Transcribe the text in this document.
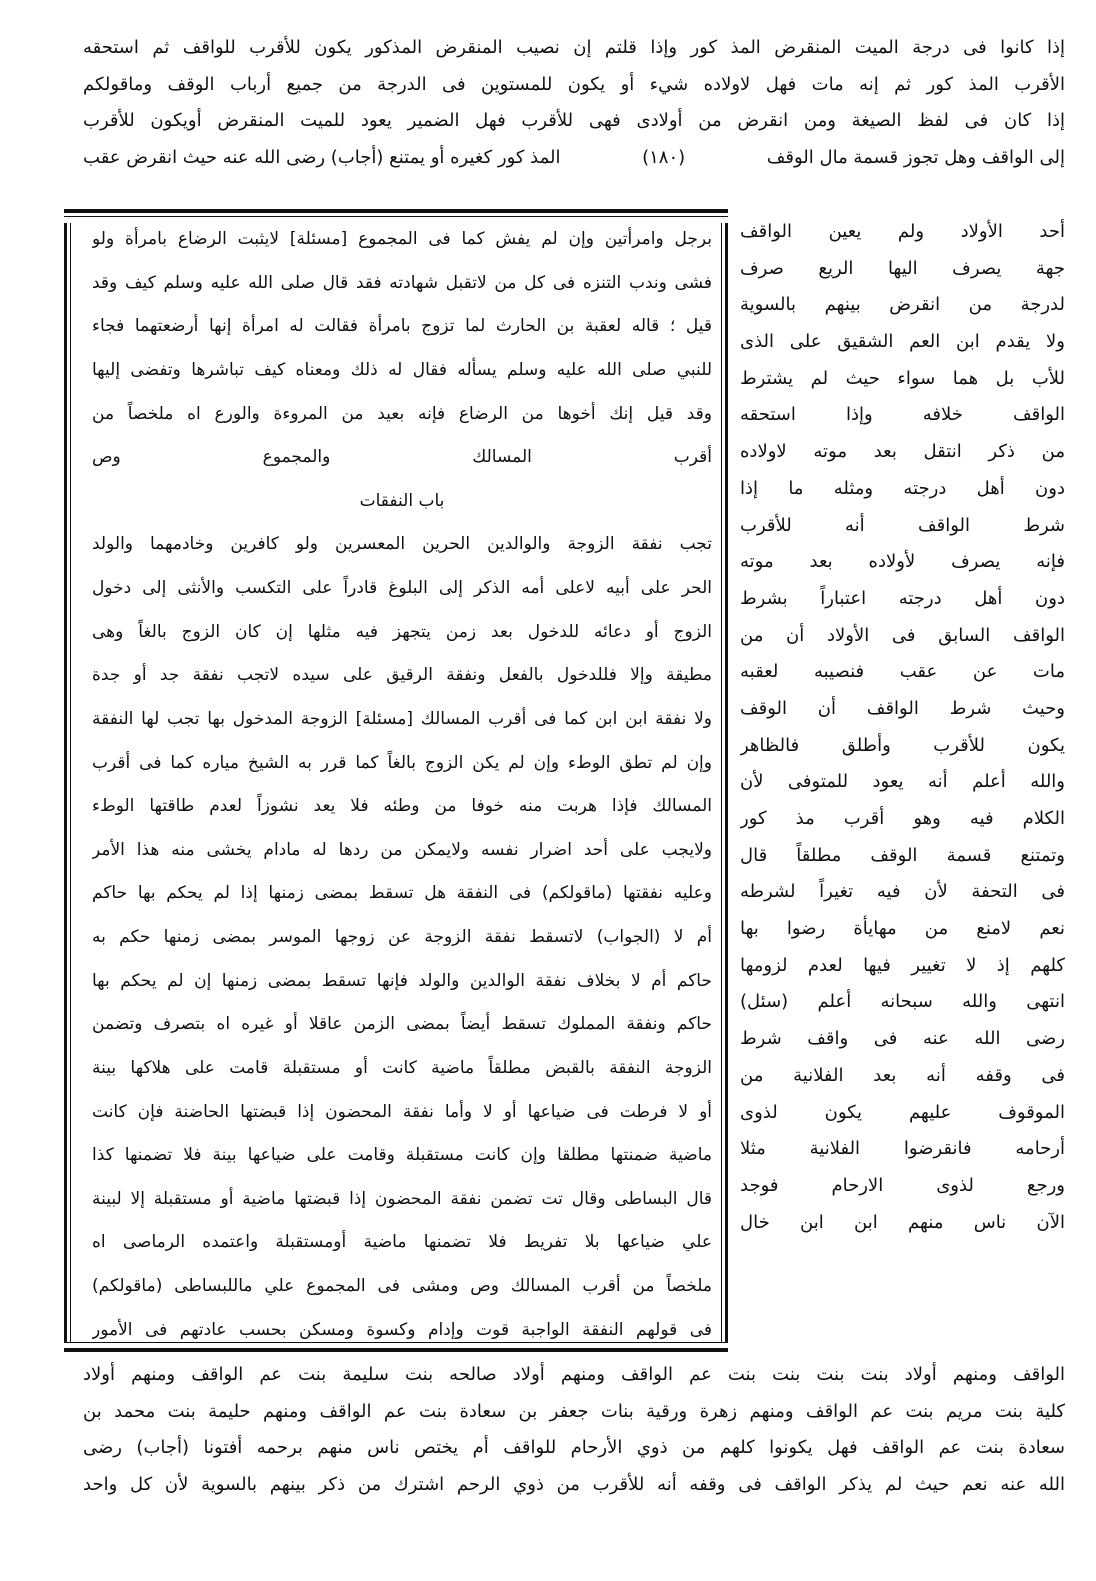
إذا كانوا فى درجة الميت المنقرض المذ كور وإذا قلتم إن نصيب المنقرض المذكور يكون للأقرب للواقف ثم استحقه
الأقرب المذ كور ثم إنه مات فهل لاولاده شيء أو يكون للمستوين فى الدرجة من جميع أرباب الوقف وماقولكم
إذا كان فى لفظ الصيغة ومن انقرض من أولادى فهى للأقرب فهل الضمير يعود للميت المنقرض أويكون للأقرب
إلى الواقف وهل تجوز قسمة مال الوقف
(١٨٠)
المذ كور كغيره أو يمتنع (أجاب) رضى الله عنه حيث انقرض عقب
برجل وامرأتين وإن لم يفش كما فى المجموع [مسئلة] لايثبت الرضاع بامرأة ولو
فشى وندب التنزه فى كل من لاتقبل شهادته فقد قال صلى الله عليه وسلم كيف وقد
قيل ؛ قاله لعقبة بن الحارث لما تزوج بامرأة فقالت له امرأة إنها أرضعتهما فجاء
للنبي صلى الله عليه وسلم يسأله فقال له ذلك ومعناه كيف تباشرها وتفضى إليها
وقد قيل إنك أخوها من الرضاع فإنه بعيد من المروءة والورع اه ملخصاً من
أقرب المسالك والمجموع وص
باب النفقات
تجب نفقة الزوجة والوالدين الحرين المعسرين ولو كافرين وخادمهما والولد
الحر على أبيه لاعلى أمه الذكر إلى البلوغ قادراً على التكسب والأنثى إلى دخول
الزوج أو دعائه للدخول بعد زمن يتجهز فيه مثلها إن كان الزوج بالغاً وهى
مطيقة وإلا فللدخول بالفعل ونفقة الرقيق على سيده لاتجب نفقة جد أو جدة
ولا نفقة ابن ابن كما فى أقرب المسالك [مسئلة] الزوجة المدخول بها تجب لها النفقة
وإن لم تطق الوطء وإن لم يكن الزوج بالغاً كما قرر به الشيخ مياره كما فى أقرب
المسالك فإذا هربت منه خوفا من وطئه فلا يعد نشوزاً لعدم طاقتها الوطء
ولايجب على أحد اضرار نفسه ولايمكن من ردها له مادام يخشى منه هذا الأمر
وعليه نفقتها (ماقولكم) فى النفقة هل تسقط بمضى زمنها إذا لم يحكم بها حاكم
أم لا (الجواب) لاتسقط نفقة الزوجة عن زوجها الموسر بمضى زمنها حكم به
حاكم أم لا بخلاف نفقة الوالدين والولد فإنها تسقط بمضى زمنها إن لم يحكم بها
حاكم ونفقة المملوك تسقط أيضاً بمضى الزمن عاقلا أو غيره اه بتصرف وتضمن
الزوجة النفقة بالقبض مطلقاً ماضية كانت أو مستقبلة قامت على هلاكها بينة
أو لا فرطت فى ضياعها أو لا وأما نفقة المحضون إذا قبضتها الحاضنة فإن كانت
ماضية ضمنتها مطلقا وإن كانت مستقبلة وقامت على ضياعها بينة فلا تضمنها كذا
قال البساطى وقال تت تضمن نفقة المحضون إذا قبضتها ماضية أو مستقبلة إلا لبينة
علي ضياعها بلا تفريط فلا تضمنها ماضية أومستقبلة واعتمده الرماصى اه
ملخصاً من أقرب المسالك وص ومشى فى المجموع علي ماللبساطى (ماقولكم)
فى قولهم النفقة الواجبة قوت وإدام وكسوة ومسكن بحسب عادتهم فى الأمور
أحد الأولاد ولم يعين الواقف
جهة يصرف اليها الريع صرف
لدرجة من انقرض بينهم بالسوية
ولا يقدم ابن العم الشقيق على الذى
للأب بل هما سواء حيث لم يشترط
الواقف خلافه وإذا استحقه
من ذكر انتقل بعد موته لاولاده
دون أهل درجته ومثله ما إذا
شرط الواقف أنه للأقرب
فإنه يصرف لأولاده بعد موته
دون أهل درجته اعتباراً بشرط
الواقف السابق فى الأولاد أن من
مات عن عقب فنصيبه لعقبه
وحيث شرط الواقف أن الوقف
يكون للأقرب وأطلق فالظاهر
والله أعلم أنه يعود للمتوفى لأن
الكلام فيه وهو أقرب مذ كور
وتمتنع قسمة الوقف مطلقاً قال
فى التحفة لأن فيه تغيراً لشرطه
نعم لامنع من مهايأة رضوا بها
كلهم إذ لا تغيير فيها لعدم لزومها
انتهى والله سبحانه أعلم (سئل)
رضى الله عنه فى واقف شرط
فى وقفه أنه بعد الفلانية من
الموقوف عليهم يكون لذوى
أرحامه فانقرضوا الفلانية مثلا
ورجع لذوى الارحام فوجد
الآن ناس منهم ابن ابن خال
الواقف ومنهم أولاد بنت بنت بنت بنت عم الواقف ومنهم أولاد صالحه بنت سليمة بنت عم الواقف ومنهم أولاد
كلية بنت مريم بنت عم الواقف ومنهم زهرة ورقية بنات جعفر بن سعادة بنت عم الواقف ومنهم حليمة بنت محمد بن
سعادة بنت عم الواقف فهل يكونوا كلهم من ذوي الأرحام للواقف أم يختص ناس منهم برحمه أفتونا (أجاب) رضى
الله عنه نعم حيث لم يذكر الواقف فى وقفه أنه للأقرب من ذوي الرحم اشترك من ذكر بينهم بالسوية لأن كل واحد
